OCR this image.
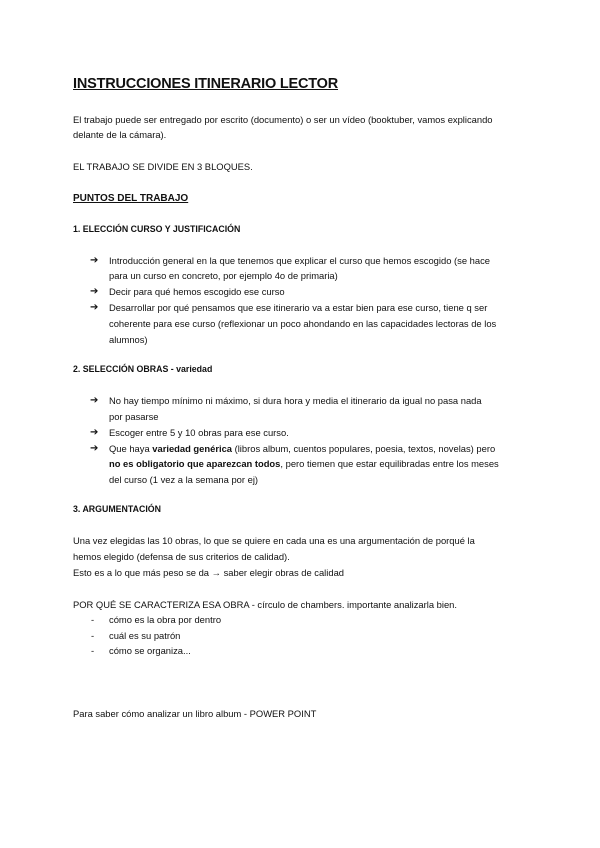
INSTRUCCIONES ITINERARIO LECTOR
El trabajo puede ser entregado por escrito (documento) o ser un vídeo (booktuber, vamos explicando
delante de la cámara).
EL TRABAJO SE DIVIDE EN 3 BLOQUES.
PUNTOS DEL TRABAJO
1. ELECCIÓN CURSO Y JUSTIFICACIÓN
➔ Introducción general en la que tenemos que explicar el curso que hemos escogido (se hace
para un curso en concreto, por ejemplo 4o de primaria)
➔ Decir para qué hemos escogido ese curso
➔ Desarrollar por qué pensamos que ese itinerario va a estar bien para ese curso, tiene q ser
coherente para ese curso (reflexionar un poco ahondando en las capacidades lectoras de los
alumnos)
2. SELECCIÓN OBRAS - variedad
➔ No hay tiempo mínimo ni máximo, si dura hora y media el itinerario da igual no pasa nada
por pasarse
➔ Escoger entre 5 y 10 obras para ese curso.
➔ Que haya variedad genérica (libros album, cuentos populares, poesia, textos, novelas) pero
no es obligatorio que aparezcan todos, pero tiemen que estar equilibradas entre los meses
del curso (1 vez a la semana por ej)
3. ARGUMENTACIÓN
Una vez elegidas las 10 obras, lo que se quiere en cada una es una argumentación de porqué la
hemos elegido (defensa de sus criterios de calidad).
Esto es a lo que más peso se da → saber elegir obras de calidad
POR QUÉ SE CARACTERIZA ESA OBRA - círculo de chambers. importante analizarla bien.
- cómo es la obra por dentro
- cuál es su patrón
- cómo se organiza...
Para saber cómo analizar un libro album - POWER POINT
